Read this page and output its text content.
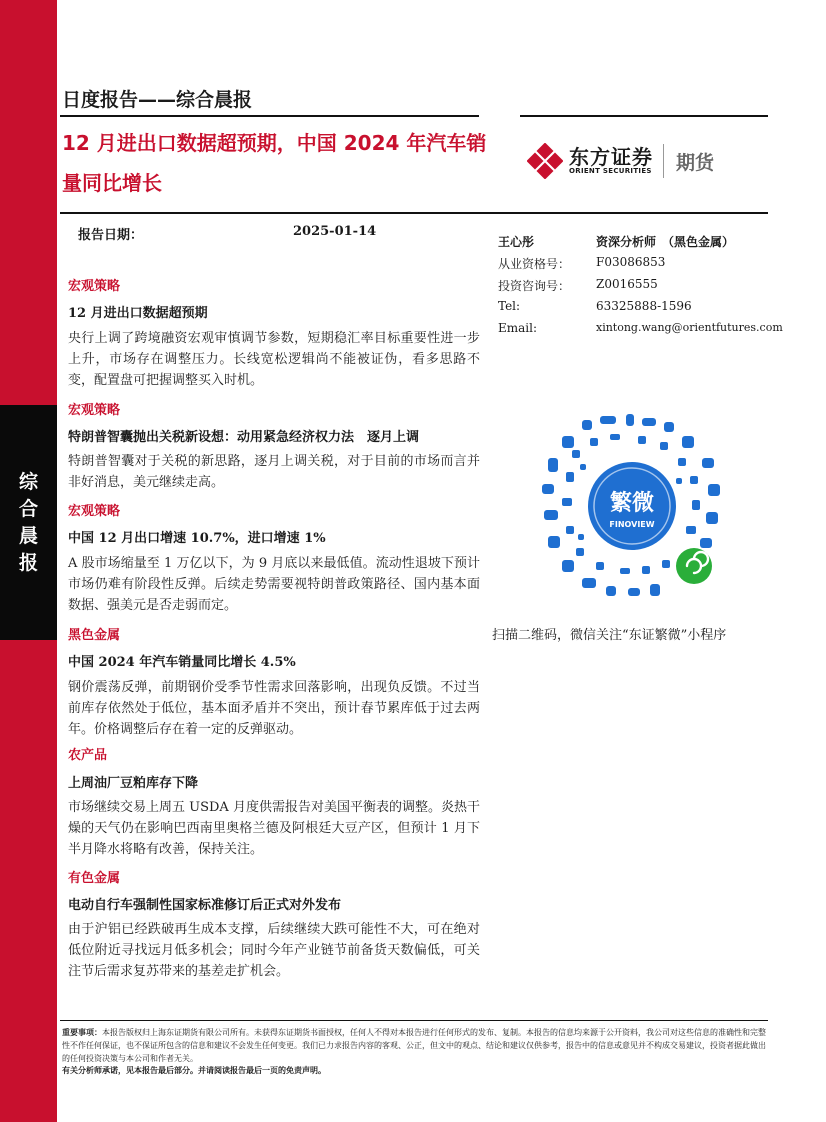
综
合
晨
报
日度报告——综合晨报
12 月进出口数据超预期，中国 2024 年汽车销量同比增长
东方证券
ORIENT SECURITIES 期货
报告日期：	2025-01-14
宏观策略
12 月进出口数据超预期
央行上调了跨境融资宏观审慎调节参数，短期稳汇率目标重要性进一步上升，市场存在调整压力。长线宽松逻辑尚不能被证伪，看多思路不变，配置盘可把握调整买入时机。
宏观策略
特朗普智囊抛出关税新设想：动用紧急经济权力法　逐月上调
特朗普智囊对于关税的新思路，逐月上调关税，对于目前的市场而言并非好消息，美元继续走高。
宏观策略
中国 12 月出口增速 10.7%，进口增速 1%
A 股市场缩量至 1 万亿以下，为 9 月底以来最低值。流动性退坡下预计市场仍难有阶段性反弹。后续走势需要视特朗普政策路径、国内基本面数据、强美元是否走弱而定。
黑色金属
中国 2024 年汽车销量同比增长 4.5%
钢价震荡反弹，前期钢价受季节性需求回落影响，出现负反馈。不过当前库存依然处于低位，基本面矛盾并不突出，预计春节累库低于过去两年。价格调整后存在着一定的反弹驱动。
农产品
上周油厂豆粕库存下降
市场继续交易上周五 USDA 月度供需报告对美国平衡表的调整。炎热干燥的天气仍在影响巴西南里奥格兰德及阿根廷大豆产区，但预计 1 月下半月降水将略有改善，保持关注。
有色金属
电动自行车强制性国家标准修订后正式对外发布
由于沪铝已经跌破再生成本支撑，后续继续大跌可能性不大，可在绝对低位附近寻找远月低多机会；同时今年产业链节前备货天数偏低，可关注节后需求复苏带来的基差走扩机会。
王心彤	资深分析师　（黑色金属）
从业资格号： F03086853
投资咨询号： Z0016555
Tel:	63325888-1596
Email:	xintong.wang@orientfutures.com
繁微
FINOVIEW
扫描二维码，微信关注“东证繁微”小程序
重要事项：本报告版权归上海东证期货有限公司所有。未获得东证期货书面授权，任何人不得对本报告进行任何形式的发布、复制。本报告的信息均来源于公开资料，我公司对这些信息的准确性和完整性不作任何保证，也不保证所包含的信息和建议不会发生任何变更。我们已力求报告内容的客观、公正，但文中的观点、结论和建议仅供参考，报告中的信息或意见并不构成交易建议，投资者据此做出的任何投资决策与本公司和作者无关。
有关分析师承诺，见本报告最后部分。并请阅读报告最后一页的免责声明。
